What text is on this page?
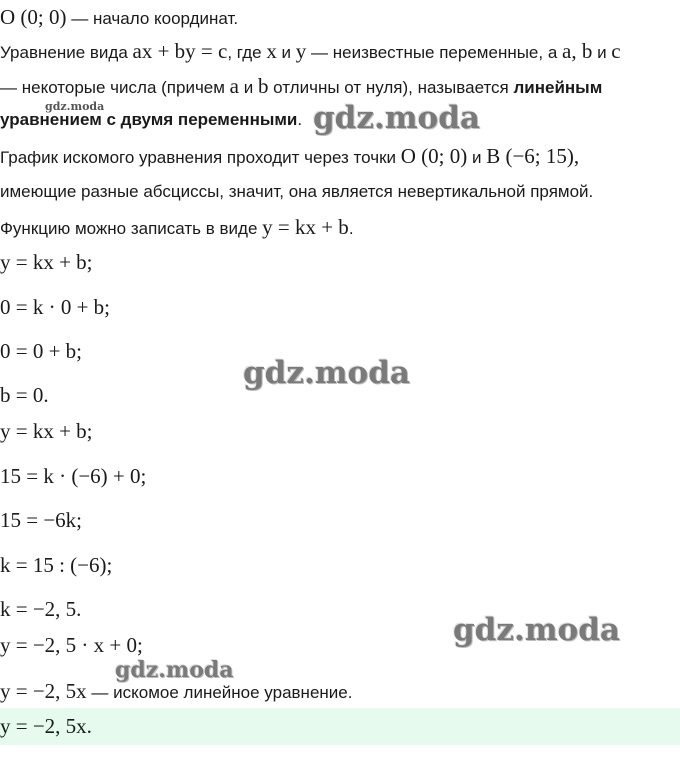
O (0; 0) — начало координат.
Уравнение вида ax + by = c, где x и y — неизвестные переменные, а a, b и c
— некоторые числа (причем a и b отличны от нуля), называется линейным
уравнением с двумя переменными.
График искомого уравнения проходит через точки O (0; 0) и B (−6; 15),
имеющие разные абсциссы, значит, она является невертикальной прямой.
Функцию можно записать в виде y = kx + b.
y = kx + b;
0 = k · 0 + b;
0 = 0 + b;
b = 0.
y = kx + b;
15 = k · (−6) + 0;
15 = −6k;
k = 15 : (−6);
k = −2, 5.
y = −2, 5 · x + 0;
y = −2, 5x — искомое линейное уравнение.
y = −2, 5x.
gdz.moda	gdz.moda
gdz.moda
gdz.moda
gdz.moda
